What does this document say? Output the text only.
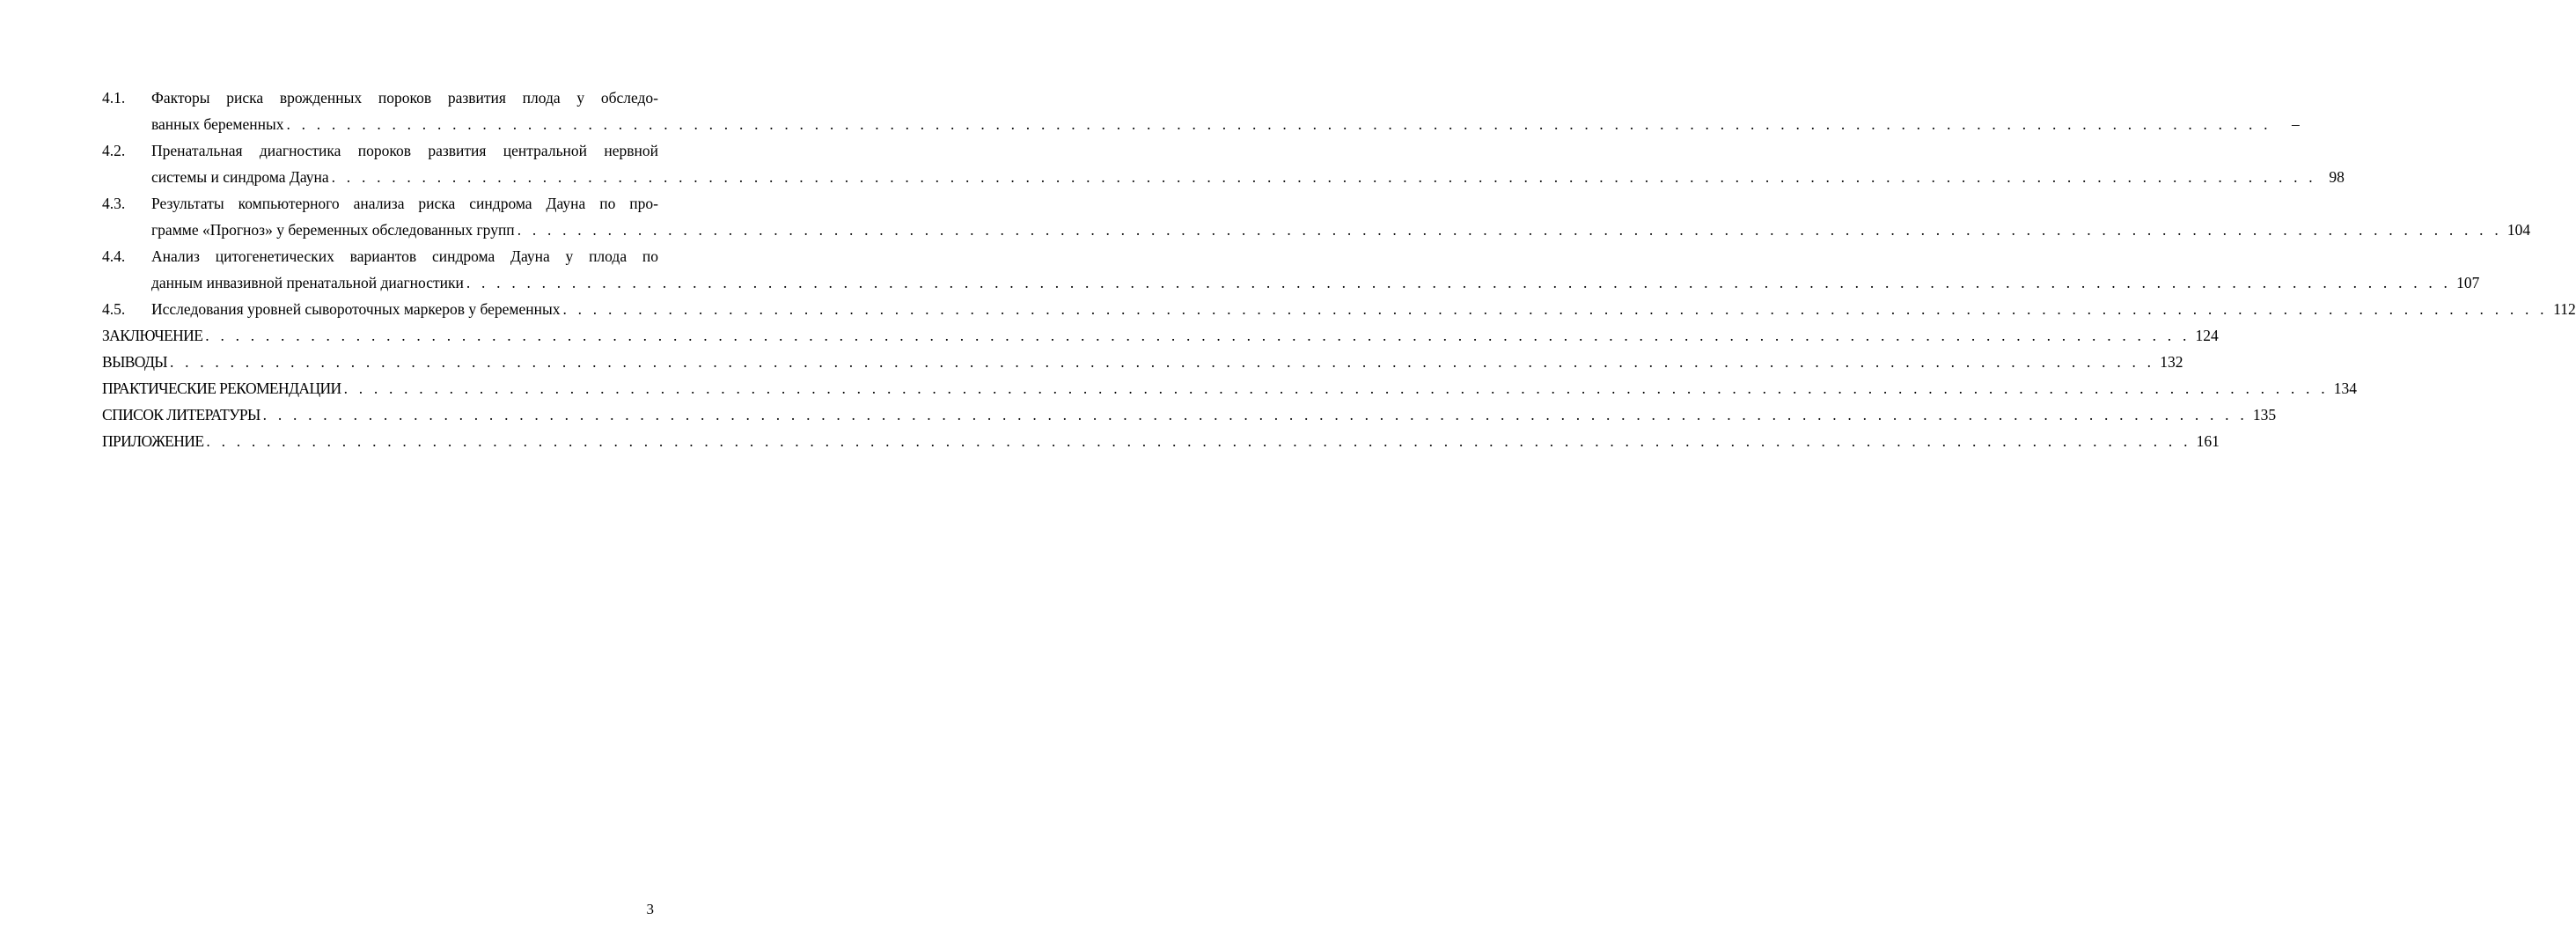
4.1.	Факторы риска врожденных пороков развития плода у обследо-
ванных беременных . . .	–
4.2.	Пренатальная диагностика пороков развития центральной нервной
системы и синдрома Дауна . . .	98
4.3.	Результаты компьютерного анализа риска синдрома Дауна по про-
грамме «Прогноз» у беременных обследованных групп . . .	104
4.4.	Анализ цитогенетических вариантов синдрома Дауна у плода по
данным инвазивной пренатальной диагностики . . .	107
4.5.	Исследования уровней сывороточных маркеров у беременных . . .	112
ЗАКЛЮЧЕНИЕ . . .	124
ВЫВОДЫ . . .	132
ПРАКТИЧЕСКИЕ РЕКОМЕНДАЦИИ . . .	134
СПИСОК ЛИТЕРАТУРЫ . . .	135
ПРИЛОЖЕНИЕ . . .	161
3
